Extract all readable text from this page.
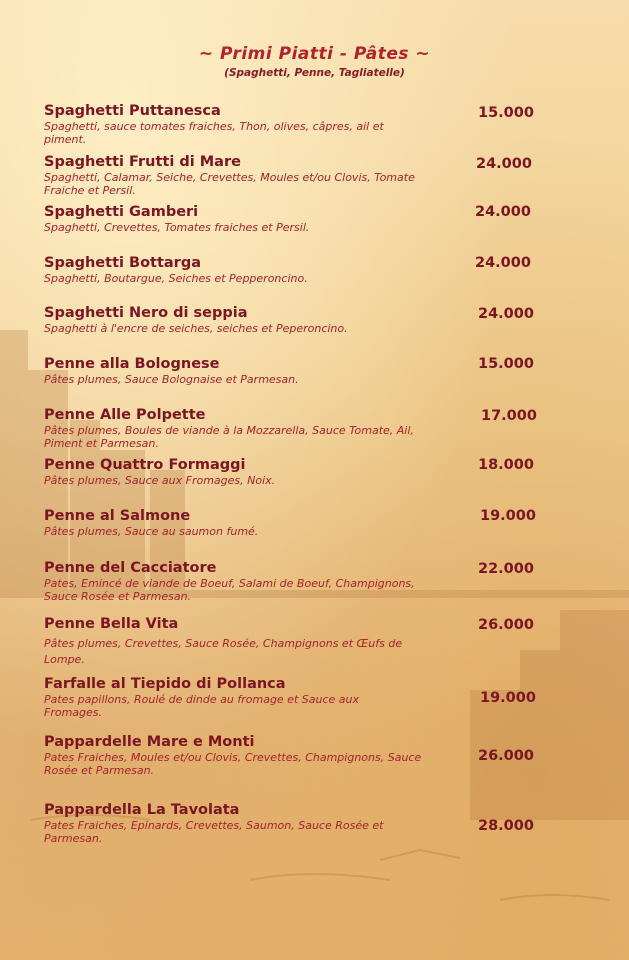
~ Primi Piatti - Pâtes ~
(Spaghetti, Penne, Tagliatelle)
Spaghetti Puttanesca
Spaghetti, sauce tomates fraiches, Thon, olives, câpres, ail et piment.
15.000
Spaghetti Frutti di Mare
Spaghetti, Calamar, Seiche, Crevettes, Moules et/ou Clovis, Tomate Fraiche et Persil.
24.000
Spaghetti Gamberi
Spaghetti, Crevettes, Tomates fraiches et Persil.
24.000
Spaghetti Bottarga
Spaghetti, Boutargue, Seiches et Pepperoncino.
24.000
Spaghetti Nero di seppia
Spaghetti à l'encre de seiches, seiches et Peperoncino.
24.000
Penne alla Bolognese
Pâtes plumes, Sauce Bolognaise et Parmesan.
15.000
Penne Alle Polpette
Pâtes plumes, Boules de viande à la Mozzarella, Sauce Tomate, Ail, Piment et Parmesan.
17.000
Penne Quattro Formaggi
Pâtes plumes, Sauce aux Fromages, Noix.
18.000
Penne al Salmone
Pâtes plumes, Sauce au saumon fumé.
19.000
Penne del Cacciatore
Pates, Emincé de viande de Boeuf, Salami de Boeuf, Champignons, Sauce Rosée et Parmesan.
22.000
Penne Bella Vita
Pâtes plumes, Crevettes, Sauce Rosée, Champignons et Œufs de Lompe.
26.000
Farfalle al Tiepido di Pollanca
Pates papillons, Roulé de dinde au fromage et Sauce aux Fromages.
19.000
Pappardelle Mare e Monti
Pates Fraiches, Moules et/ou Clovis, Crevettes, Champignons, Sauce Rosée et Parmesan.
26.000
Pappardella La Tavolata
Pates Fraiches, Epinards, Crevettes, Saumon, Sauce Rosée et Parmesan.
28.000
